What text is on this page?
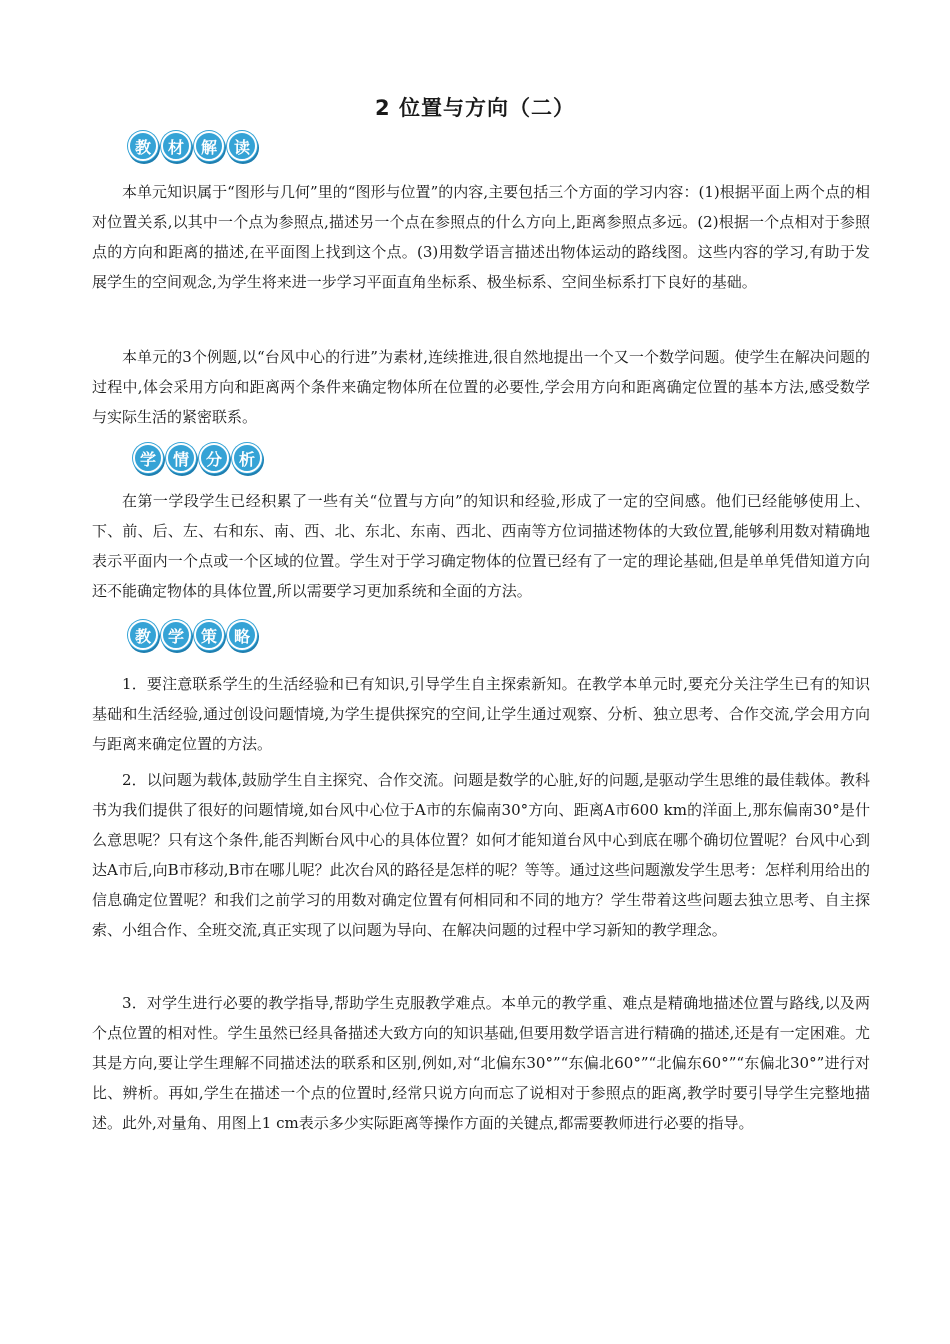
2 位置与方向（二）
教	材	解	读

本单元知识属于“图形与几何”里的“图形与位置”的内容,主要包括三个方面的学习内容：(1)根据平面上两个点的相对位置关系,以其中一个点为参照点,描述另一个点在参照点的什么方向上,距离参照点多远。(2)根据一个点相对于参照点的方向和距离的描述,在平面图上找到这个点。(3)用数学语言描述出物体运动的路线图。这些内容的学习,有助于发展学生的空间观念,为学生将来进一步学习平面直角坐标系、极坐标系、空间坐标系打下良好的基础。

本单元的3个例题,以“台风中心的行进”为素材,连续推进,很自然地提出一个又一个数学问题。使学生在解决问题的过程中,体会采用方向和距离两个条件来确定物体所在位置的必要性,学会用方向和距离确定位置的基本方法,感受数学与实际生活的紧密联系。

学	情	分	析

在第一学段学生已经积累了一些有关“位置与方向”的知识和经验,形成了一定的空间感。他们已经能够使用上、下、前、后、左、右和东、南、西、北、东北、东南、西北、西南等方位词描述物体的大致位置,能够利用数对精确地表示平面内一个点或一个区域的位置。学生对于学习确定物体的位置已经有了一定的理论基础,但是单单凭借知道方向还不能确定物体的具体位置,所以需要学习更加系统和全面的方法。

教	学	策	略

1．要注意联系学生的生活经验和已有知识,引导学生自主探索新知。在教学本单元时,要充分关注学生已有的知识基础和生活经验,通过创设问题情境,为学生提供探究的空间,让学生通过观察、分析、独立思考、合作交流,学会用方向与距离来确定位置的方法。

2．以问题为载体,鼓励学生自主探究、合作交流。问题是数学的心脏,好的问题,是驱动学生思维的最佳载体。教科书为我们提供了很好的问题情境,如台风中心位于A市的东偏南30°方向、距离A市600 km的洋面上,那东偏南30°是什么意思呢？只有这个条件,能否判断台风中心的具体位置？如何才能知道台风中心到底在哪个确切位置呢？台风中心到达A市后,向B市移动,B市在哪儿呢？此次台风的路径是怎样的呢？等等。通过这些问题激发学生思考：怎样利用给出的信息确定位置呢？和我们之前学习的用数对确定位置有何相同和不同的地方？学生带着这些问题去独立思考、自主探索、小组合作、全班交流,真正实现了以问题为导向、在解决问题的过程中学习新知的教学理念。

3．对学生进行必要的教学指导,帮助学生克服教学难点。本单元的教学重、难点是精确地描述位置与路线,以及两个点位置的相对性。学生虽然已经具备描述大致方向的知识基础,但要用数学语言进行精确的描述,还是有一定困难。尤其是方向,要让学生理解不同描述法的联系和区别,例如,对“北偏东30°”“东偏北60°”“北偏东60°”“东偏北30°”进行对比、辨析。再如,学生在描述一个点的位置时,经常只说方向而忘了说相对于参照点的距离,教学时要引导学生完整地描述。此外,对量角、用图上1 cm表示多少实际距离等操作方面的关键点,都需要教师进行必要的指导。
